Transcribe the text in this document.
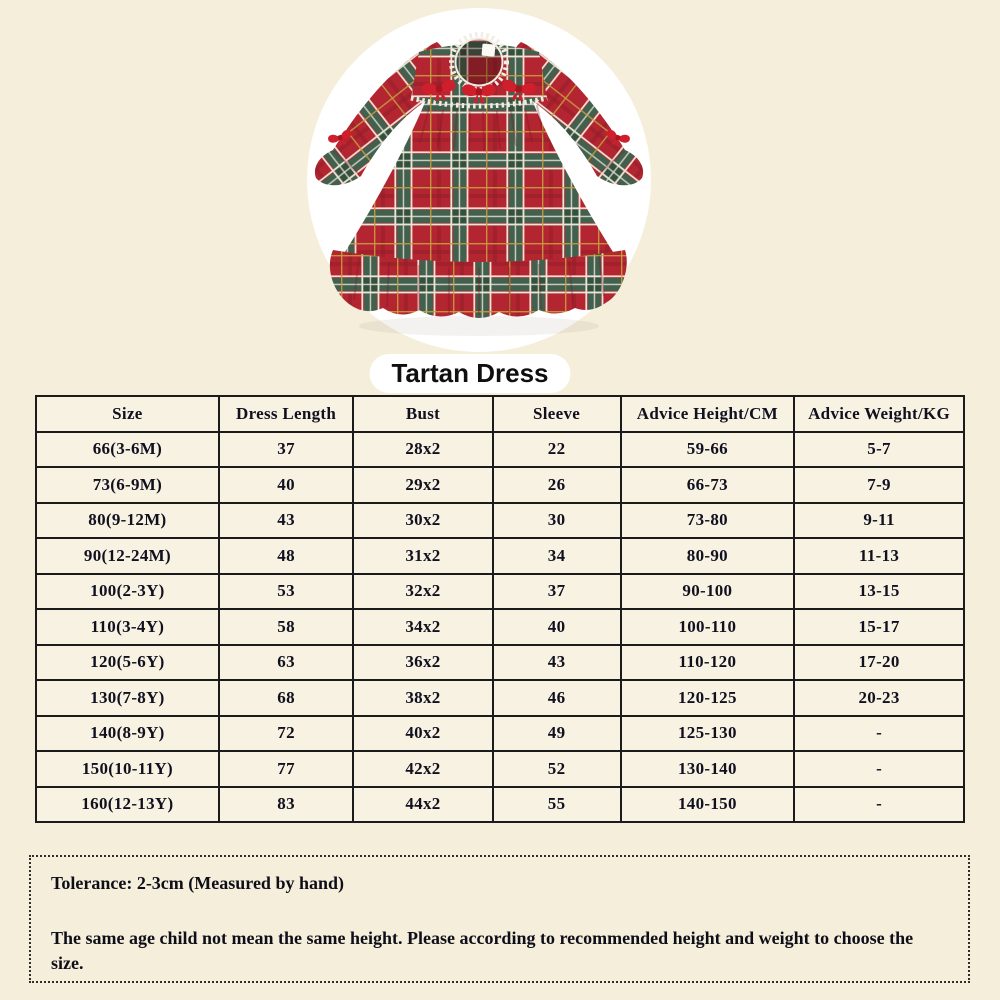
Tartan Dress
Size	Dress Length	Bust	Sleeve	Advice Height/CM	Advice Weight/KG
66(3-6M)	37	28x2	22	59-66	5-7
73(6-9M)	40	29x2	26	66-73	7-9
80(9-12M)	43	30x2	30	73-80	9-11
90(12-24M)	48	31x2	34	80-90	11-13
100(2-3Y)	53	32x2	37	90-100	13-15
110(3-4Y)	58	34x2	40	100-110	15-17
120(5-6Y)	63	36x2	43	110-120	17-20
130(7-8Y)	68	38x2	46	120-125	20-23
140(8-9Y)	72	40x2	49	125-130	-
150(10-11Y)	77	42x2	52	130-140	-
160(12-13Y)	83	44x2	55	140-150	-

Tolerance: 2-3cm (Measured by hand)

The same age child not mean the same height. Please according to recommended height and weight to choose the size.
